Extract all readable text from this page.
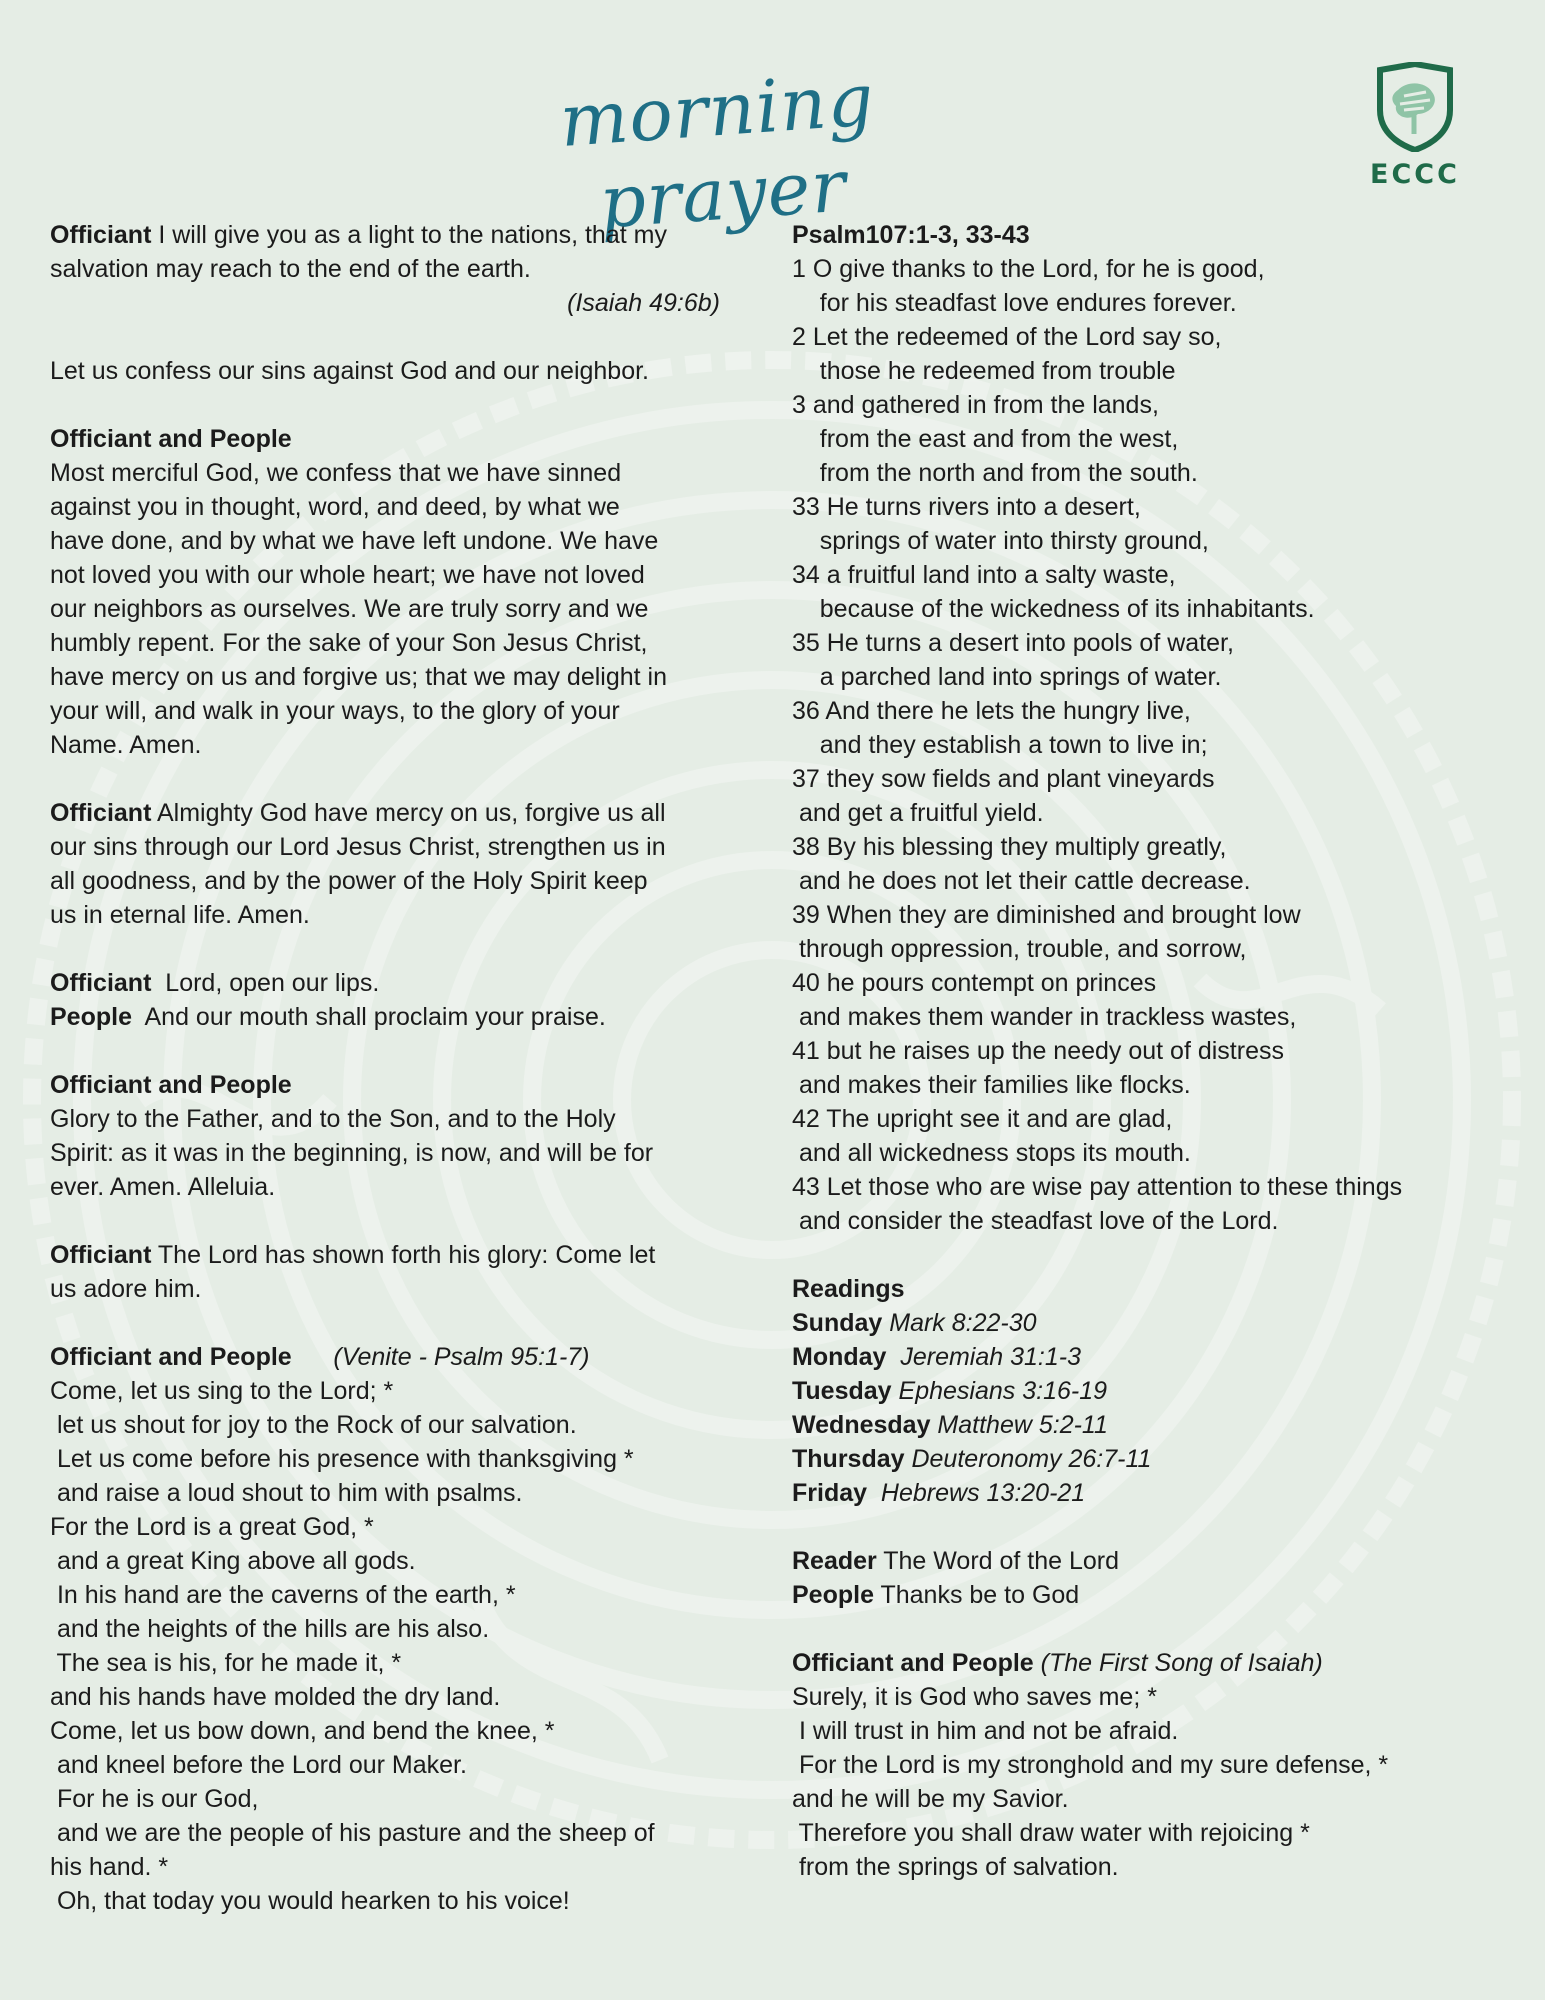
morning prayer	ECCC

Officiant I will give you as a light to the nations, that my

salvation may reach to the end of the earth.

(Isaiah 49:6b)

Let us confess our sins against God and our neighbor.

Officiant and People

Most merciful God, we confess that we have sinned

against you in thought, word, and deed, by what we

have done, and by what we have left undone. We have

not loved you with our whole heart; we have not loved

our neighbors as ourselves. We are truly sorry and we

humbly repent. For the sake of your Son Jesus Christ,

have mercy on us and forgive us; that we may delight in

your will, and walk in your ways, to the glory of your

Name. Amen.

Officiant Almighty God have mercy on us, forgive us all

our sins through our Lord Jesus Christ, strengthen us in

all goodness, and by the power of the Holy Spirit keep

us in eternal life. Amen.

Officiant  Lord, open our lips.

People  And our mouth shall proclaim your praise.

Officiant and People

Glory to the Father, and to the Son, and to the Holy

Spirit: as it was in the beginning, is now, and will be for

ever. Amen. Alleluia.

Officiant The Lord has shown forth his glory: Come let

us adore him.

Officiant and People      (Venite - Psalm 95:1-7)

Come, let us sing to the Lord; *

let us shout for joy to the Rock of our salvation.

Let us come before his presence with thanksgiving *

and raise a loud shout to him with psalms.

For the Lord is a great God, *

and a great King above all gods.

In his hand are the caverns of the earth, *

and the heights of the hills are his also.

The sea is his, for he made it, *

and his hands have molded the dry land.

Come, let us bow down, and bend the knee, *

and kneel before the Lord our Maker.

For he is our God,

and we are the people of his pasture and the sheep of

his hand. *

Oh, that today you would hearken to his voice!

Psalm107:1-3, 33-43

1 O give thanks to the Lord, for he is good,

for his steadfast love endures forever.

2 Let the redeemed of the Lord say so,

those he redeemed from trouble

3 and gathered in from the lands,

from the east and from the west,

from the north and from the south.

33 He turns rivers into a desert,

springs of water into thirsty ground,

34 a fruitful land into a salty waste,

because of the wickedness of its inhabitants.

35 He turns a desert into pools of water,

a parched land into springs of water.

36 And there he lets the hungry live,

and they establish a town to live in;

37 they sow fields and plant vineyards

and get a fruitful yield.

38 By his blessing they multiply greatly,

and he does not let their cattle decrease.

39 When they are diminished and brought low

through oppression, trouble, and sorrow,

40 he pours contempt on princes

and makes them wander in trackless wastes,

41 but he raises up the needy out of distress

and makes their families like flocks.

42 The upright see it and are glad,

and all wickedness stops its mouth.

43 Let those who are wise pay attention to these things

and consider the steadfast love of the Lord.

Readings

Sunday Mark 8:22-30

Monday  Jeremiah 31:1-3

Tuesday Ephesians 3:16-19

Wednesday Matthew 5:2-11

Thursday Deuteronomy 26:7-11

Friday  Hebrews 13:20-21

Reader The Word of the Lord

People Thanks be to God

Officiant and People (The First Song of Isaiah)

Surely, it is God who saves me; *

I will trust in him and not be afraid.

For the Lord is my stronghold and my sure defense, *

and he will be my Savior.

Therefore you shall draw water with rejoicing *

from the springs of salvation.
